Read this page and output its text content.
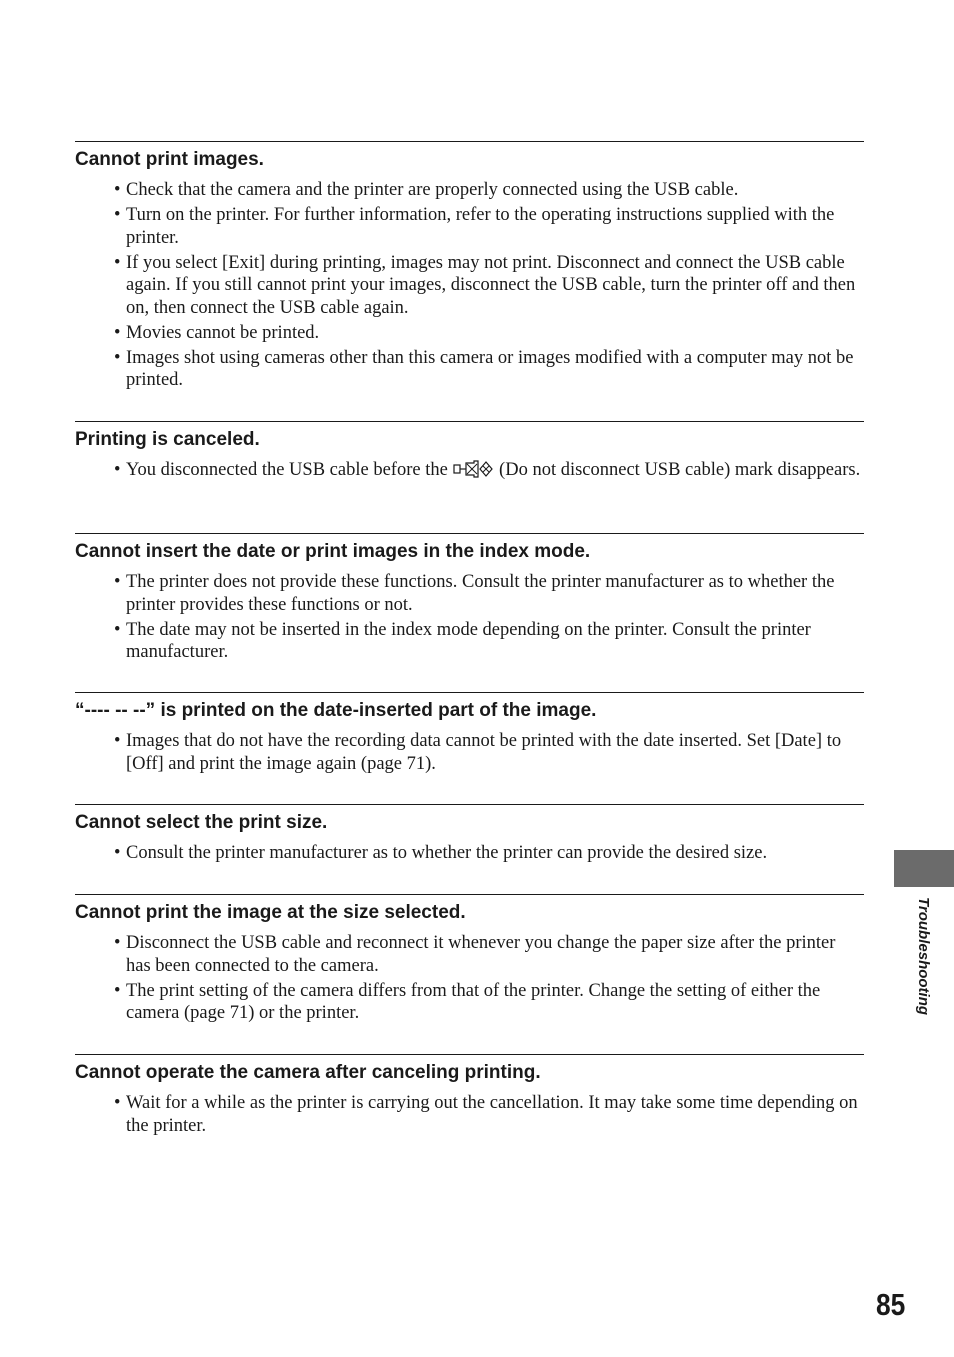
Cannot print images.
• Check that the camera and the printer are properly connected using the USB cable.
• Turn on the printer. For further information, refer to the operating instructions supplied with the printer.
• If you select [Exit] during printing, images may not print. Disconnect and connect the USB cable again. If you still cannot print your images, disconnect the USB cable, turn the printer off and then on, then connect the USB cable again.
• Movies cannot be printed.
• Images shot using cameras other than this camera or images modified with a computer may not be printed.
Printing is canceled.
• You disconnected the USB cable before the	(Do not disconnect USB cable) mark disappears.
Cannot insert the date or print images in the index mode.
• The printer does not provide these functions. Consult the printer manufacturer as to whether the printer provides these functions or not.
• The date may not be inserted in the index mode depending on the printer. Consult the printer manufacturer.
“---- -- --” is printed on the date-inserted part of the image.
• Images that do not have the recording data cannot be printed with the date inserted. Set [Date] to [Off] and print the image again (page 71).
Cannot select the print size.
• Consult the printer manufacturer as to whether the printer can provide the desired size.
Cannot print the image at the size selected.
• Disconnect the USB cable and reconnect it whenever you change the paper size after the printer has been connected to the camera.
• The print setting of the camera differs from that of the printer. Change the setting of either the camera (page 71) or the printer.
Cannot operate the camera after canceling printing.
• Wait for a while as the printer is carrying out the cancellation. It may take some time depending on the printer.
Troubleshooting
85
